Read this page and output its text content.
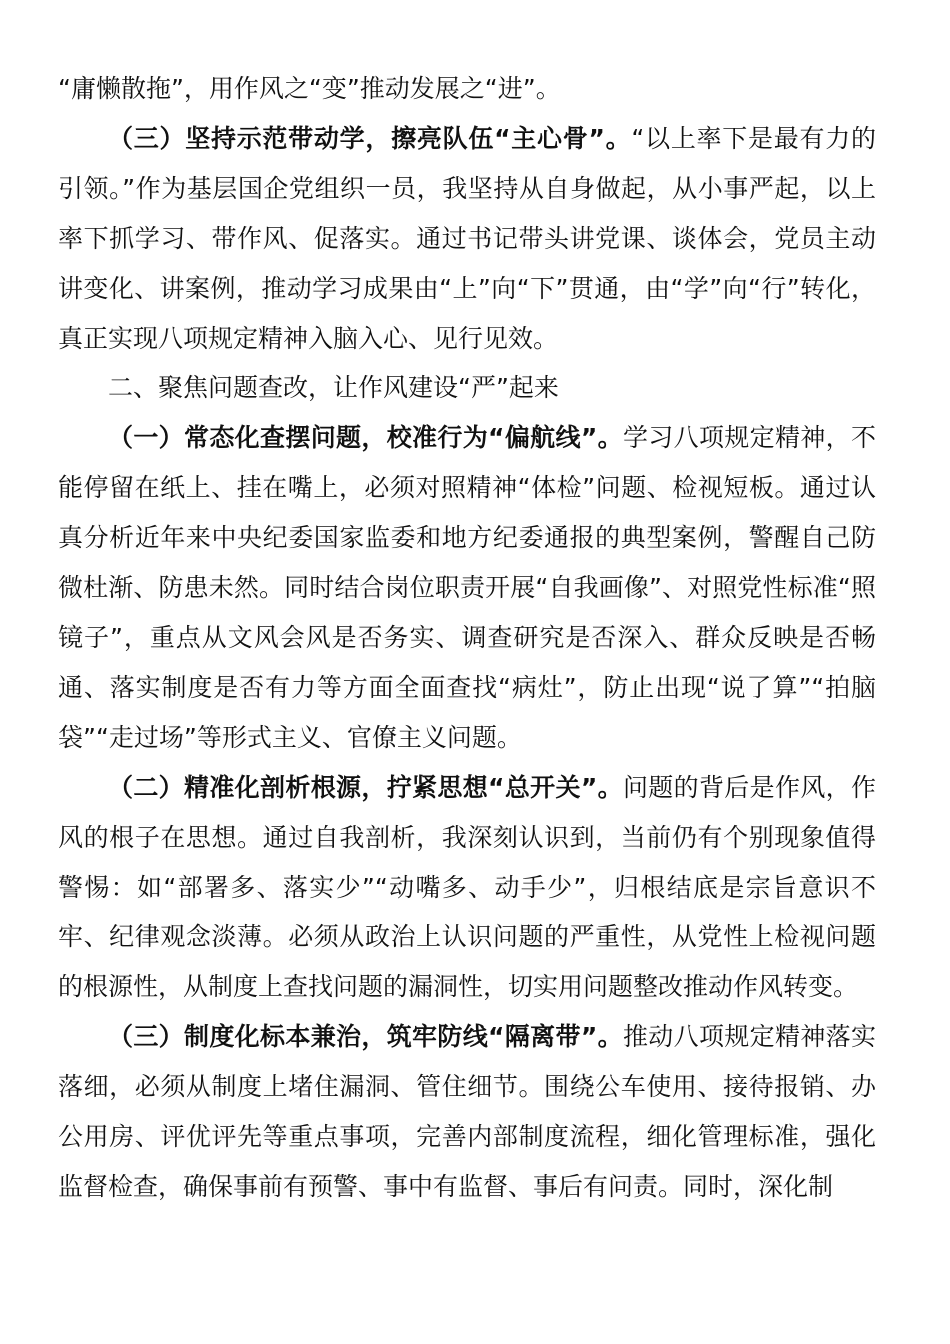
“庸懒散拖”，用作风之“变”推动发展之“进”。

（三）坚持示范带动学，擦亮队伍“主心骨”。“以上率下是最有力的引领。”作为基层国企党组织一员，我坚持从自身做起，从小事严起，以上率下抓学习、带作风、促落实。通过书记带头讲党课、谈体会，党员主动讲变化、讲案例，推动学习成果由“上”向“下”贯通，由“学”向“行”转化，真正实现八项规定精神入脑入心、见行见效。

二、聚焦问题查改，让作风建设“严”起来

（一）常态化查摆问题，校准行为“偏航线”。学习八项规定精神，不能停留在纸上、挂在嘴上，必须对照精神“体检”问题、检视短板。通过认真分析近年来中央纪委国家监委和地方纪委通报的典型案例，警醒自己防微杜渐、防患未然。同时结合岗位职责开展“自我画像”、对照党性标准“照镜子”，重点从文风会风是否务实、调查研究是否深入、群众反映是否畅通、落实制度是否有力等方面全面查找“病灶”，防止出现“说了算”“拍脑袋”“走过场”等形式主义、官僚主义问题。

（二）精准化剖析根源，拧紧思想“总开关”。问题的背后是作风，作风的根子在思想。通过自我剖析，我深刻认识到，当前仍有个别现象值得警惕：如“部署多、落实少”“动嘴多、动手少”，归根结底是宗旨意识不牢、纪律观念淡薄。必须从政治上认识问题的严重性，从党性上检视问题的根源性，从制度上查找问题的漏洞性，切实用问题整改推动作风转变。

（三）制度化标本兼治，筑牢防线“隔离带”。推动八项规定精神落实落细，必须从制度上堵住漏洞、管住细节。围绕公车使用、接待报销、办公用房、评优评先等重点事项，完善内部制度流程，细化管理标准，强化监督检查，确保事前有预警、事中有监督、事后有问责。同时，深化制
